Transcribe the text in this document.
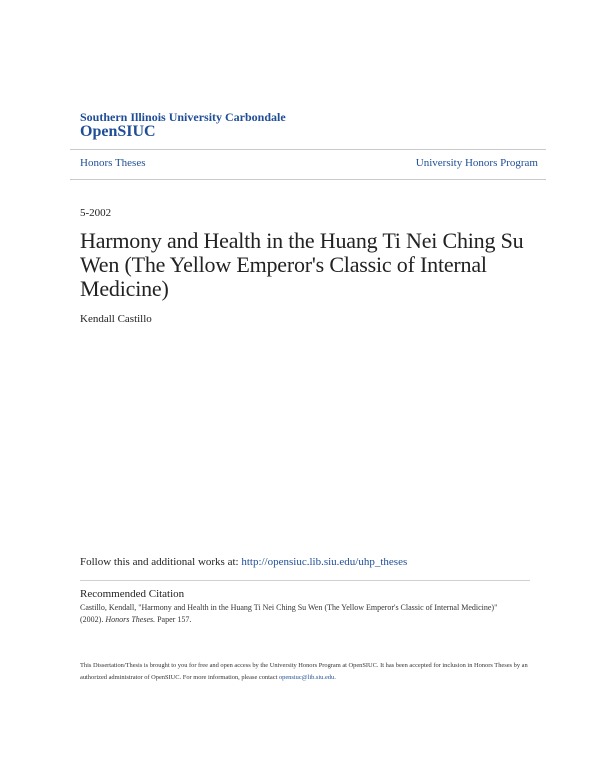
Southern Illinois University Carbondale
OpenSIUC
Honors Theses	University Honors Program
5-2002
Harmony and Health in the Huang Ti Nei Ching Su Wen (The Yellow Emperor's Classic of Internal Medicine)
Kendall Castillo
Follow this and additional works at: http://opensiuc.lib.siu.edu/uhp_theses
Recommended Citation
Castillo, Kendall, "Harmony and Health in the Huang Ti Nei Ching Su Wen (The Yellow Emperor's Classic of Internal Medicine)" (2002). Honors Theses. Paper 157.
This Dissertation/Thesis is brought to you for free and open access by the University Honors Program at OpenSIUC. It has been accepted for inclusion in Honors Theses by an authorized administrator of OpenSIUC. For more information, please contact opensiuc@lib.siu.edu.
